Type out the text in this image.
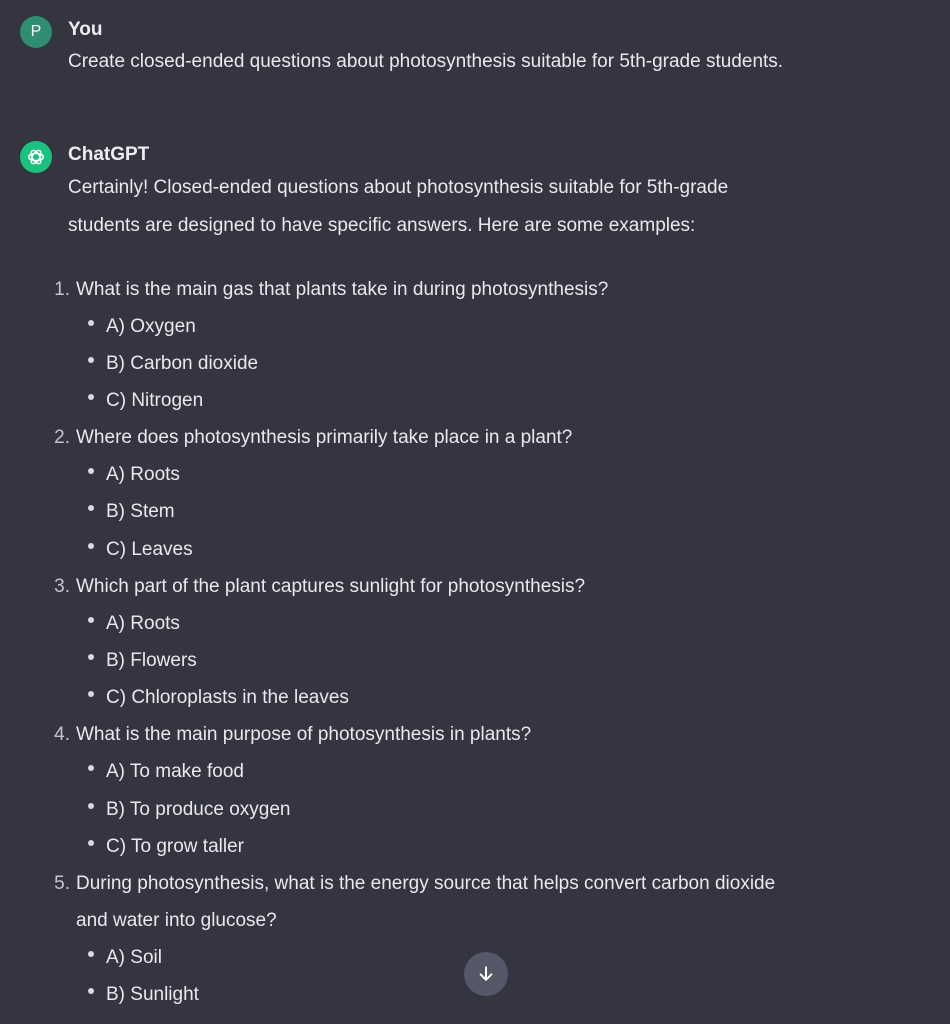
P You
Create closed-ended questions about photosynthesis suitable for 5th-grade students.
ChatGPT
Certainly! Closed-ended questions about photosynthesis suitable for 5th-grade
students are designed to have specific answers. Here are some examples:
1. What is the main gas that plants take in during photosynthesis?
A) Oxygen
B) Carbon dioxide
C) Nitrogen
2. Where does photosynthesis primarily take place in a plant?
A) Roots
B) Stem
C) Leaves
3. Which part of the plant captures sunlight for photosynthesis?
A) Roots
B) Flowers
C) Chloroplasts in the leaves
4. What is the main purpose of photosynthesis in plants?
A) To make food
B) To produce oxygen
C) To grow taller
5. During photosynthesis, what is the energy source that helps convert carbon dioxide
and water into glucose?
A) Soil
B) Sunlight
